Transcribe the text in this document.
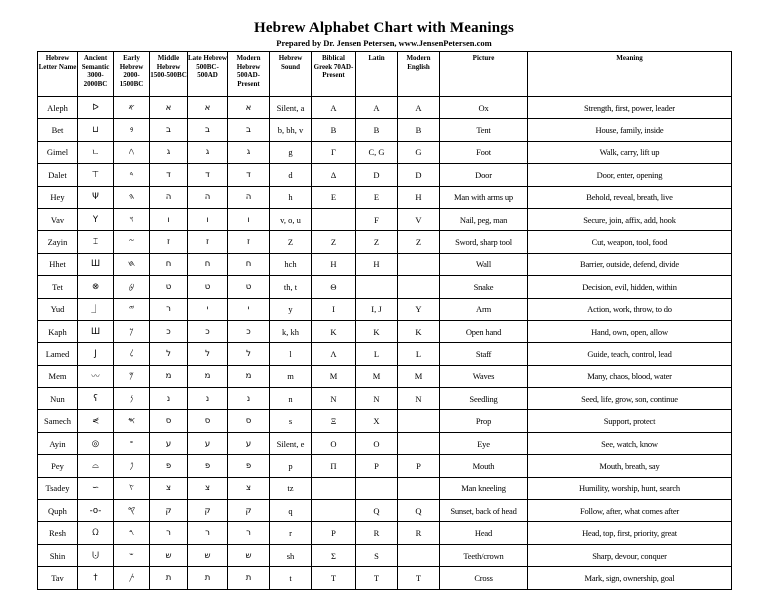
Hebrew Alphabet Chart with Meanings
Prepared by Dr. Jensen Petersen, www.JensenPetersen.com
Hebrew Letter Name	Ancient Semantic 3000-2000BC	Early Hebrew 2000-1500BC	Middle Hebrew 1500-500BC	Late Hebrew 500BC-500AD	Modern Hebrew 500AD-Present	Hebrew Sound	Biblical Greek 70AD-Present	Latin	Modern English	Picture	Meaning
Aleph	ᐅ	𐤀	א	א	א	Silent, a	A	A	A	Ox	Strength, first, power, leader
Bet	⊔	𐤁	ב	ב	ב	b, bh, v	B	B	B	Tent	House, family, inside
Gimel	ㄴ	𐤂	ג	ג	ג	g	Γ	C, G	G	Foot	Walk, carry, lift up
Dalet	⊤	𐤃	ד	ד	ד	d	Δ	D	D	Door	Door, enter, opening
Hey	Ψ	𐤄	ה	ה	ה	h	E	E	H	Man with arms up	Behold, reveal, breath, live
Vav	Y	𐤅	ו	ו	ו	v, o, u		F	V	Nail, peg, man	Secure, join, affix, add, hook
Zayin	⌶	𐤆	ז	ז	ז	Z	Z	Z	Z	Sword, sharp tool	Cut, weapon, tool, food
Hhet	Ш	𐤇	ח	ח	ח	hch	H	H		Wall	Barrier, outside, defend, divide
Tet	⊗	𐤈	ט	ט	ט	th, t	Θ			Snake	Decision, evil, hidden, within
Yud	⏌	𐤉	ר	י	י	y	I	I, J	Y	Arm	Action, work, throw, to do
Kaph	Ш	𐤊	כ	כ	כ	k, kh	K	K	K	Open hand	Hand, own, open, allow
Lamed	J	𐤋	ל	ל	ל	l	Λ	L	L	Staff	Guide, teach, control, lead
Mem	〰	𐤌	מ	מ	מ	m	M	M	M	Waves	Many, chaos, blood, water
Nun	ʕ	𐤍	נ	נ	נ	n	N	N	N	Seedling	Seed, life, grow, son, continue
Samech	⋞	𐤎	ס	ס	ס	s	Ξ	X		Prop	Support, protect
Ayin	◎	𐤏	ע	ע	ע	Silent, e	O	O		Eye	See, watch, know
Pey	⌓	𐤐	פ	פ	פ	p	Π	P	P	Mouth	Mouth, breath, say
Tsadey	∽	𐤑	צ	צ	צ	tz				Man kneeling	Humility, worship, hunt, search
Quph	-o-	𐤒	ק	ק	ק	q		Q	Q	Sunset, back of head	Follow, after, what comes after
Resh	ᘯ	𐤓	ר	ר	ר	r	P	R	R	Head	Head, top, first, priority, great
Shin	⨃	𐤔	ש	ש	ש	sh	Σ	S		Teeth/crown	Sharp, devour, conquer
Tav	†	𐤕	ת	ת	ת	t	T	T	T	Cross	Mark, sign, ownership, goal
